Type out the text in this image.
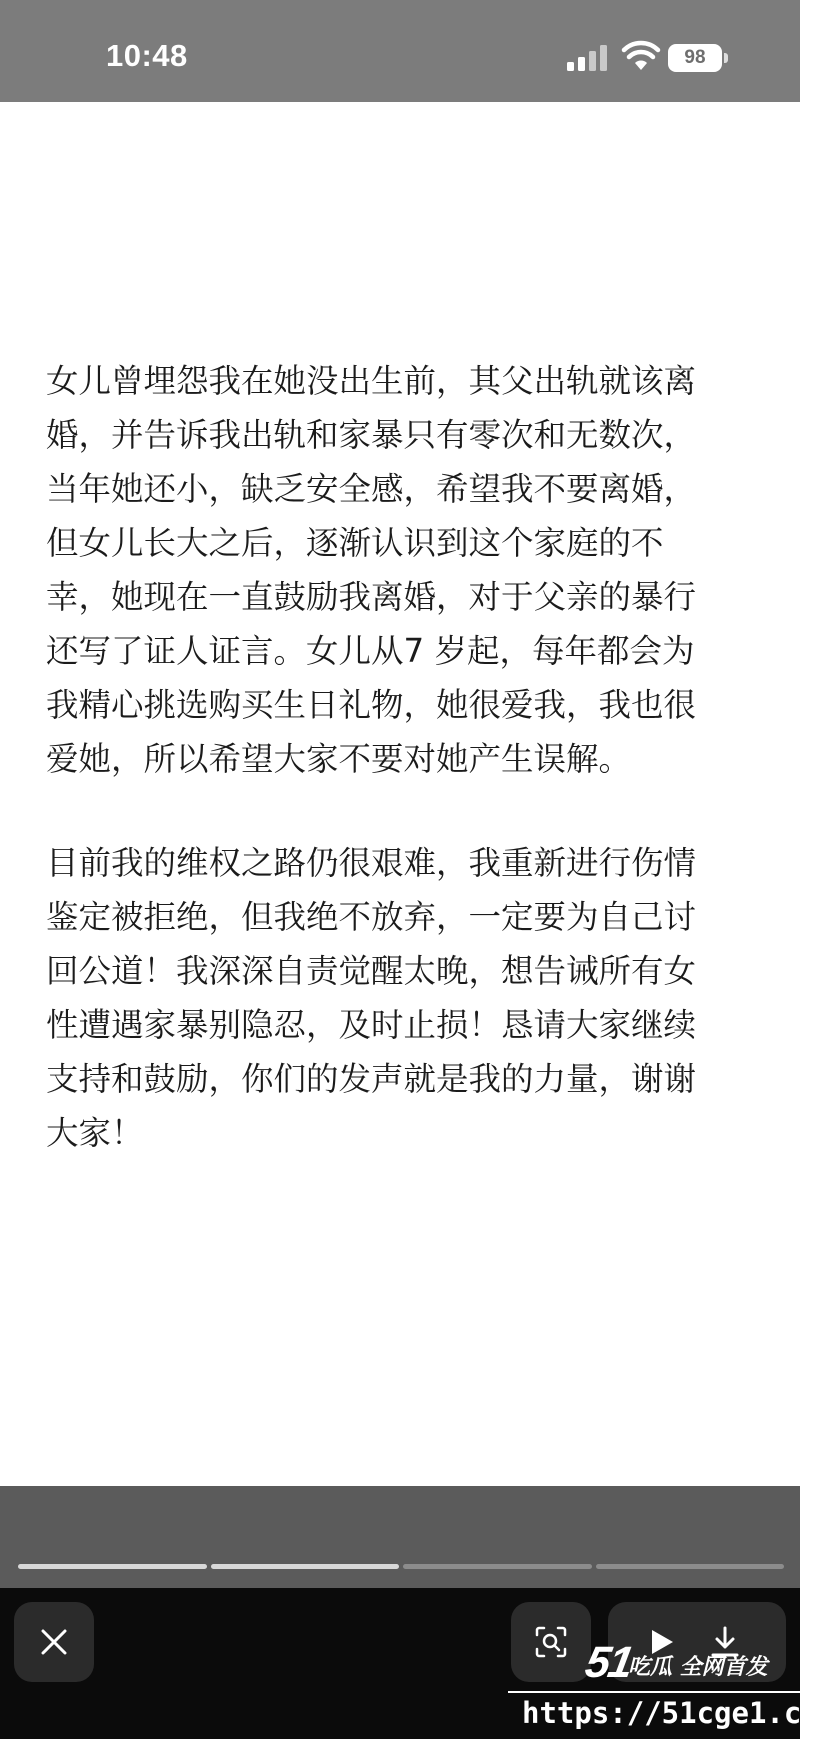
10:48	98

女儿曾埋怨我在她没出生前，其父出轨就该离
婚，并告诉我出轨和家暴只有零次和无数次，
当年她还小，缺乏安全感，希望我不要离婚，
但女儿长大之后，逐渐认识到这个家庭的不
幸，她现在一直鼓励我离婚，对于父亲的暴行
还写了证人证言。女儿从7 岁起，每年都会为
我精心挑选购买生日礼物，她很爱我，我也很
爱她，所以希望大家不要对她产生误解。

目前我的维权之路仍很艰难，我重新进行伤情
鉴定被拒绝，但我绝不放弃，一定要为自己讨
回公道！我深深自责觉醒太晚，想告诫所有女
性遭遇家暴别隐忍，及时止损！恳请大家继续
支持和鼓励，你们的发声就是我的力量，谢谢
大家！

51
吃瓜 全网首发
https://51cge1.com
